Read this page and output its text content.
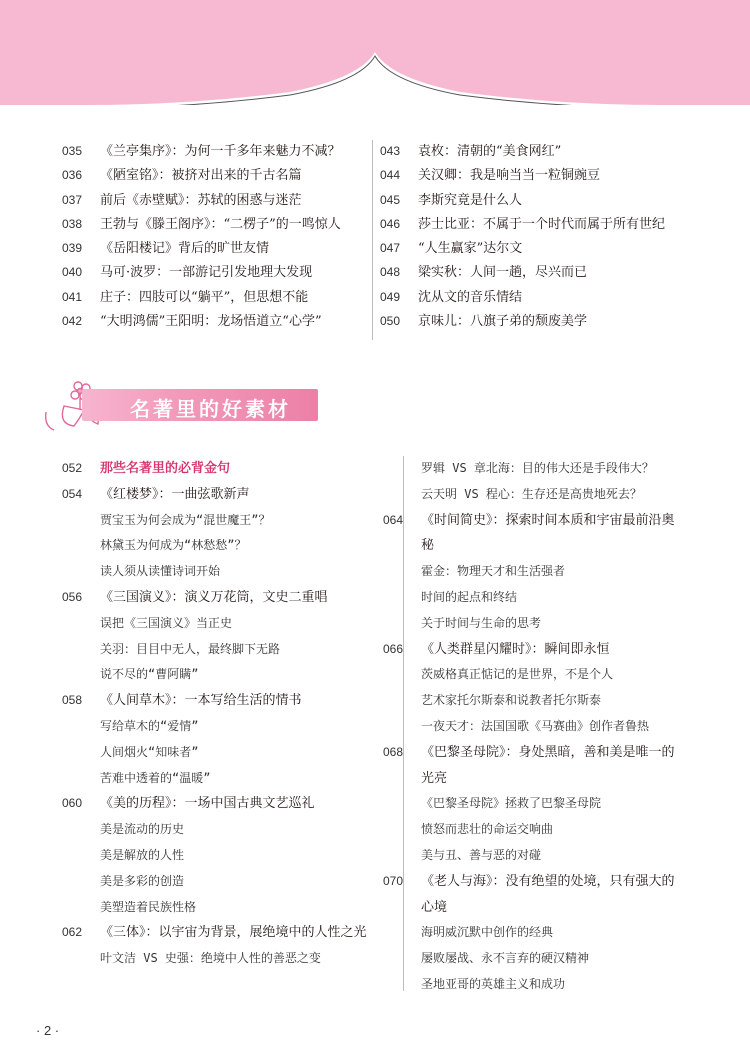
035	《兰亭集序》：为何一千多年来魅力不减？
036	《陋室铭》：被挤对出来的千古名篇
037	前后《赤壁赋》：苏轼的困惑与迷茫
038	王勃与《滕王阁序》：“二楞子”的一鸣惊人
039	《岳阳楼记》背后的旷世友情
040	马可·波罗：一部游记引发地理大发现
041	庄子：四肢可以“躺平”，但思想不能
042	“大明鸿儒”王阳明：龙场悟道立“心学”
043	袁枚：清朝的“美食网红”
044	关汉卿：我是响当当一粒铜豌豆
045	李斯究竟是什么人
046	莎士比亚：不属于一个时代而属于所有世纪
047	“人生赢家”达尔文
048	梁实秋：人间一趟，尽兴而已
049	沈从文的音乐情结
050	京味儿：八旗子弟的颓废美学
名著里的好素材
052	那些名著里的必背金句
054	《红楼梦》：一曲弦歌新声
贾宝玉为何会成为“混世魔王”？
林黛玉为何成为“林愁愁”？
读人须从读懂诗词开始
056	《三国演义》：演义万花筒，文史二重唱
误把《三国演义》当正史
关羽：目目中无人，最终脚下无路
说不尽的“曹阿瞒”
058	《人间草木》：一本写给生活的情书
写给草木的“爱情”
人间烟火“知味者”
苦难中透着的“温暖”
060	《美的历程》：一场中国古典文艺巡礼
美是流动的历史
美是解放的人性
美是多彩的创造
美塑造着民族性格
062	《三体》：以宇宙为背景，展绝境中的人性之光
叶文洁 VS 史强：绝境中人性的善恶之变
罗辑 VS 章北海：目的伟大还是手段伟大？
云天明 VS 程心：生存还是高贵地死去？
064	《时间简史》：探索时间本质和宇宙最前沿奥秘
霍金：物理天才和生活强者
时间的起点和终结
关于时间与生命的思考
066	《人类群星闪耀时》：瞬间即永恒
茨威格真正惦记的是世界，不是个人
艺术家托尔斯泰和说教者托尔斯泰
一夜天才：法国国歌《马赛曲》创作者鲁热
068	《巴黎圣母院》：身处黑暗，善和美是唯一的光亮
《巴黎圣母院》拯救了巴黎圣母院
愤怒而悲壮的命运交响曲
美与丑、善与恶的对碰
070	《老人与海》：没有绝望的处境，只有强大的心境
海明威沉默中创作的经典
屡败屡战、永不言弃的硬汉精神
圣地亚哥的英雄主义和成功
· 2 ·
